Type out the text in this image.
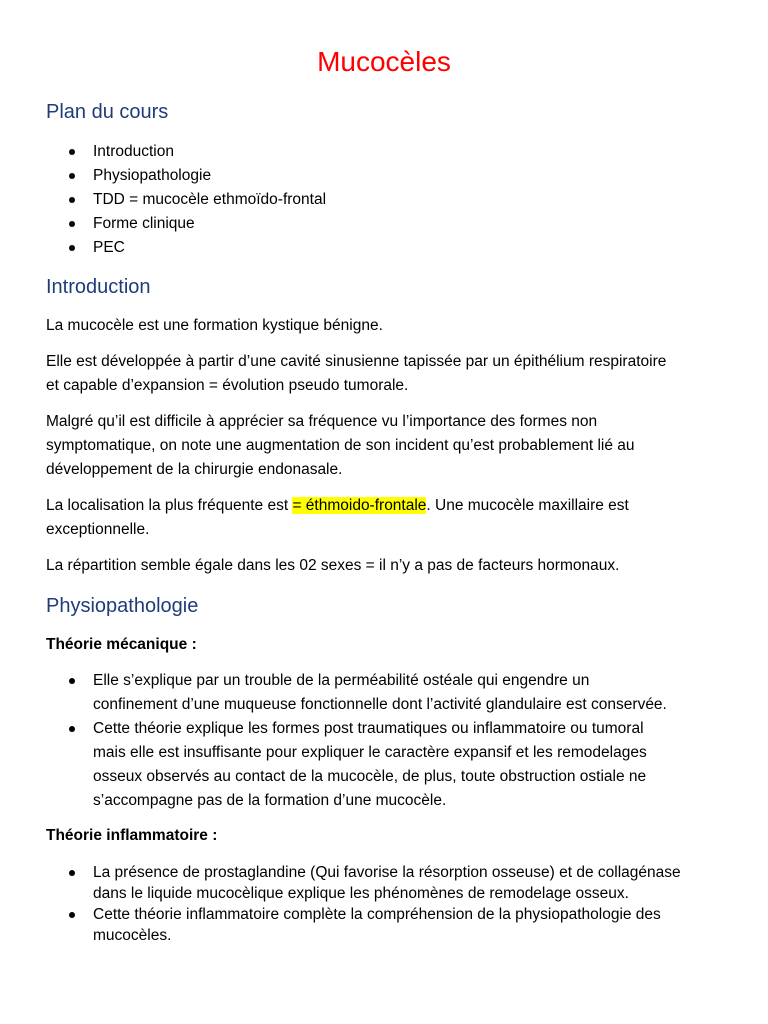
Mucocèles
Plan du cours
Introduction
Physiopathologie
TDD = mucocèle ethmoïdo-frontal
Forme clinique
PEC
Introduction
La mucocèle est une formation kystique bénigne.
Elle est développée à partir d’une cavité sinusienne tapissée par un épithélium respiratoire
et capable d’expansion = évolution pseudo tumorale.
Malgré qu’il est difficile à apprécier sa fréquence vu l’importance des formes non
symptomatique, on note une augmentation de son incident qu’est probablement lié au
développement de la chirurgie endonasale.
La localisation la plus fréquente est = éthmoido-frontale. Une mucocèle maxillaire est
exceptionnelle.
La répartition semble égale dans les 02 sexes = il n’y a pas de facteurs hormonaux.
Physiopathologie
Théorie mécanique :
Elle s’explique par un trouble de la perméabilité ostéale qui engendre un
confinement d’une muqueuse fonctionnelle dont l’activité glandulaire est conservée.
Cette théorie explique les formes post traumatiques ou inflammatoire ou tumoral
mais elle est insuffisante pour expliquer le caractère expansif et les remodelages
osseux observés au contact de la mucocèle, de plus, toute obstruction ostiale ne
s’accompagne pas de la formation d’une mucocèle.
Théorie inflammatoire :
La présence de prostaglandine (Qui favorise la résorption osseuse) et de collagénase
dans le liquide mucocèlique explique les phénomènes de remodelage osseux.
Cette théorie inflammatoire complète la compréhension de la physiopathologie des
mucocèles.
